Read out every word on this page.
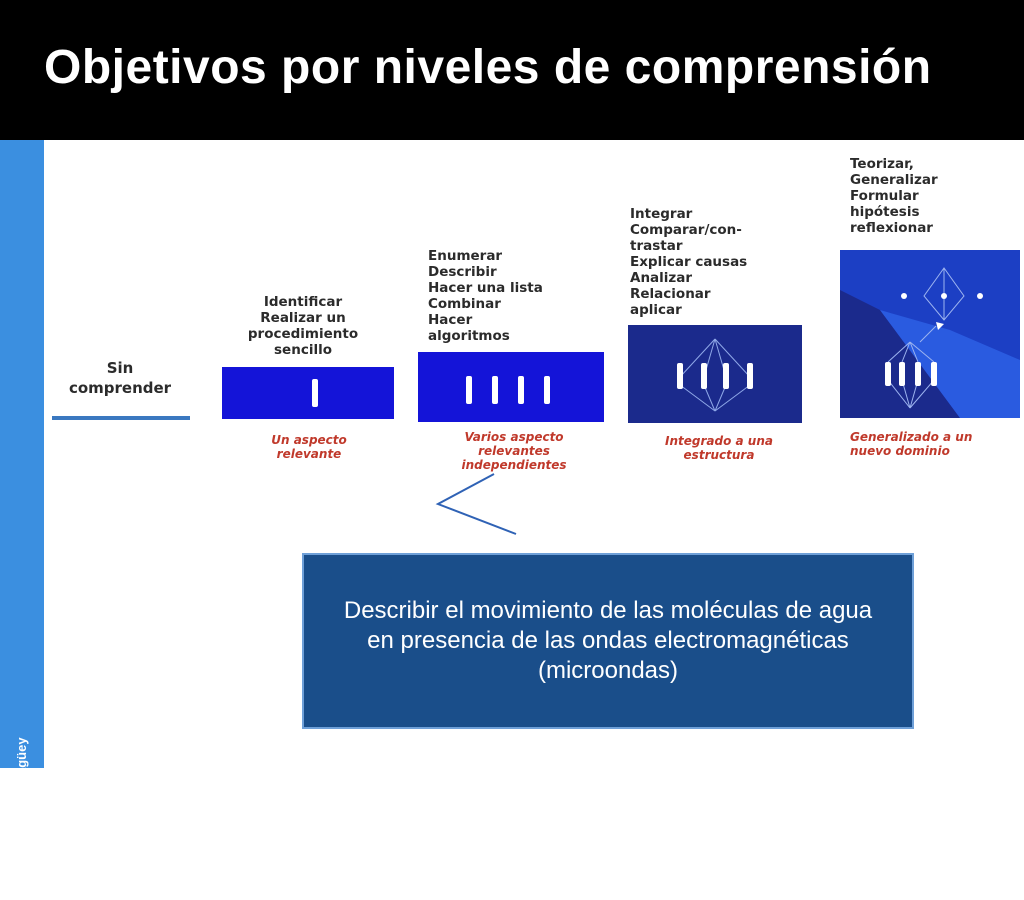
Objetivos por niveles de comprensión
Universidad de Camagüey
Sin
comprender
Identificar
Realizar un
procedimiento
sencillo
Un aspecto
relevante
Enumerar
Describir
Hacer una lista
Combinar
Hacer
algoritmos
Varios aspecto
relevantes
independientes
Integrar
Comparar/con-
trastar
Explicar causas
Analizar
Relacionar
aplicar
Integrado a una
estructura
Teorizar,
Generalizar
Formular
hipótesis
reflexionar
Generalizado a un
nuevo dominio
Describir el movimiento de las moléculas de agua en presencia de las ondas electromagnéticas (microondas)
